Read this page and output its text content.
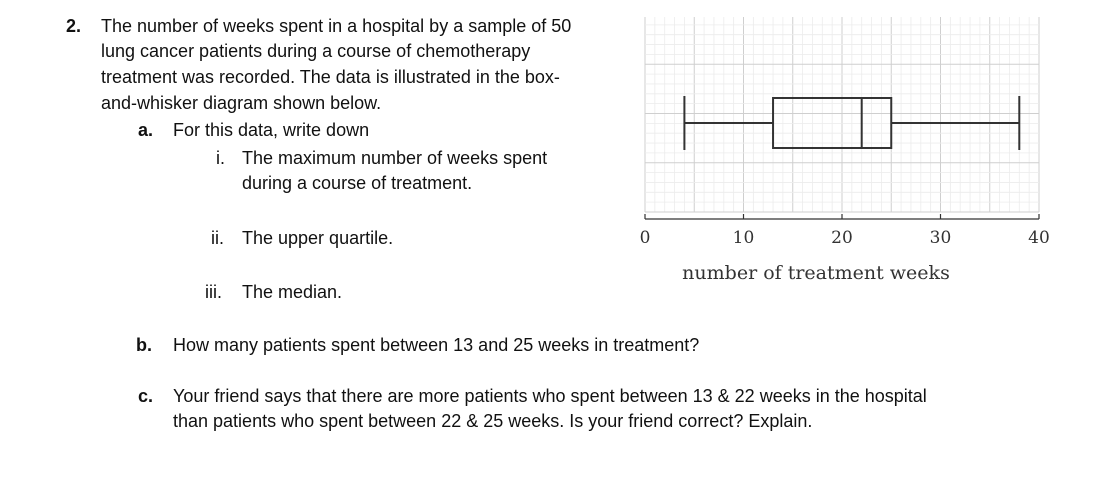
2. The number of weeks spent in a hospital by a sample of 50
lung cancer patients during a course of chemotherapy
treatment was recorded. The data is illustrated in the box-
and-whisker diagram shown below.
a. For this data, write down
i. The maximum number of weeks spent
during a course of treatment.
ii. The upper quartile.
iii. The median.
b. How many patients spent between 13 and 25 weeks in treatment?
c. Your friend says that there are more patients who spent between 13 & 22 weeks in the hospital
than patients who spent between 22 & 25 weeks. Is your friend correct? Explain.
0	10	20	30	40
number of treatment weeks
